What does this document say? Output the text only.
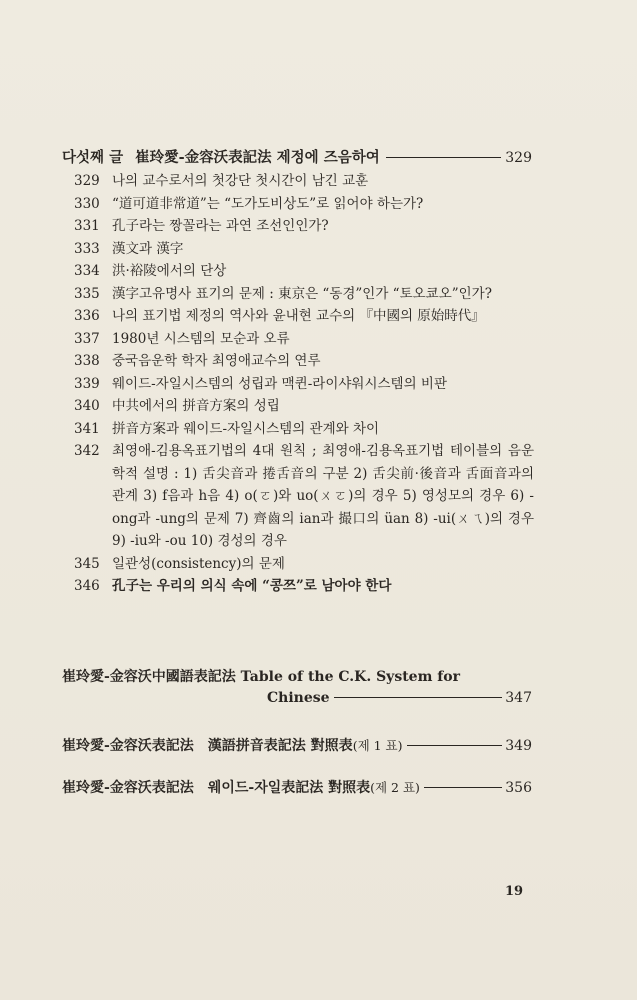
다섯째 글 崔玲愛-金容沃表記法 제정에 즈음하여	329
329 나의 교수로서의 첫강단 첫시간이 남긴 교훈
330 “道可道非常道”는 “도가도비상도”로 읽어야 하는가?
331 孔子라는 짱꼴라는 과연 조선인인가?
333 漢文과 漢字
334 洪·裕陵에서의 단상
335 漢字고유명사 표기의 문제 : 東京은 “동경”인가 “토오쿄오”인가?
336 나의 표기법 제정의 역사와 윤내현 교수의 『中國의 原始時代』
337 1980년 시스템의 모순과 오류
338 중국음운학 학자 최영애교수의 연루
339 웨이드-자일시스템의 성립과 맥퀸-라이샤워시스템의 비판
340 中共에서의 拼音方案의 성립
341 拼音方案과 웨이드-자일시스템의 관계와 차이
342 최영애-김용옥표기법의 4대 원칙 ; 최영애-김용옥표기법 테이블의 음운학적 설명 : 1) 舌尖音과 捲舌音의 구분 2) 舌尖前·後音과 舌面音과의 관계 3) f음과 h음 4) o(ㄛ)와 uo(ㄨㄛ)의 경우 5) 영성모의 경우 6) -ong과 -ung의 문제 7) 齊齒의 ian과 撮口의 üan 8) -ui(ㄨㄟ)의 경우 9) -iu와 -ou 10) 경성의 경우
345 일관성(consistency)의 문제
346 孔子는 우리의 의식 속에 “콩쯔”로 남아야 한다
崔玲愛-金容沃中國語表記法 Table of the C.K. System for
Chinese	347
崔玲愛-金容沃表記法　漢語拼音表記法 對照表 (제 1 표)	349
崔玲愛-金容沃表記法　웨이드-자일表記法 對照表 (제 2 표)	356
19
